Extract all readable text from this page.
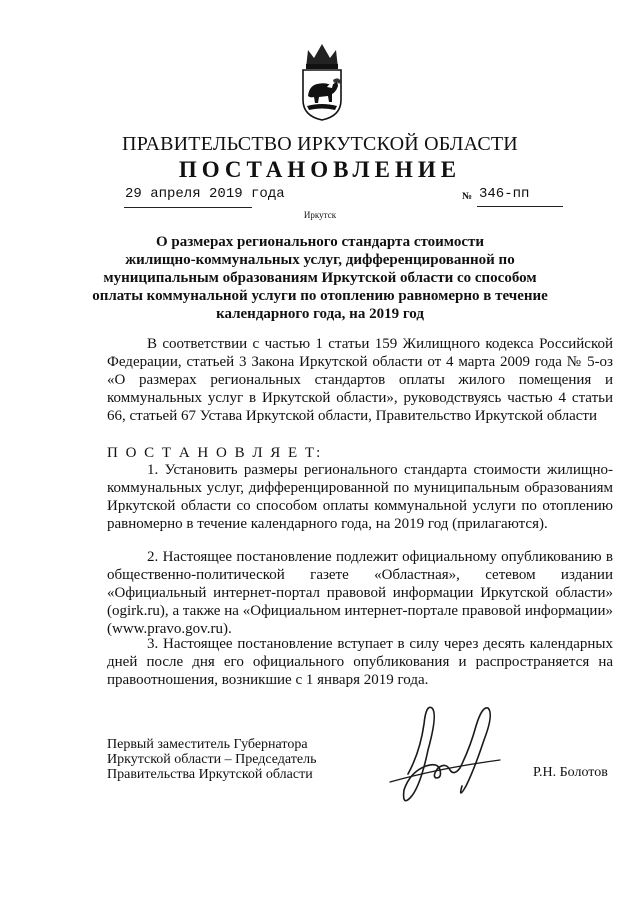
ПРАВИТЕЛЬСТВО ИРКУТСКОЙ ОБЛАСТИ
ПОСТАНОВЛЕНИЕ
29 апреля 2019 года	№ 346-пп
Иркутск
О размерах регионального стандарта стоимости
жилищно-коммунальных услуг, дифференцированной по
муниципальным образованиям Иркутской области со способом
оплаты коммунальной услуги по отоплению равномерно в течение
календарного года, на 2019 год
В соответствии с частью 1 статьи 159 Жилищного кодекса Российской Федерации, статьей 3 Закона Иркутской области от 4 марта 2009 года № 5-оз «О размерах региональных стандартов оплаты жилого помещения и коммунальных услуг в Иркутской области», руководствуясь частью 4 статьи 66, статьей 67 Устава Иркутской области, Правительство Иркутской области
П О С Т А Н О В Л Я Е Т:
1. Установить размеры регионального стандарта стоимости жилищно-коммунальных услуг, дифференцированной по муниципальным образованиям Иркутской области со способом оплаты коммунальной услуги по отоплению равномерно в течение календарного года, на 2019 год (прилагаются).
2. Настоящее постановление подлежит официальному опубликованию в общественно-политической газете «Областная», сетевом издании «Официальный интернет-портал правовой информации Иркутской области» (ogirk.ru), а также на «Официальном интернет-портале правовой информации» (www.pravo.gov.ru).
3. Настоящее постановление вступает в силу через десять календарных дней после дня его официального опубликования и распространяется на правоотношения, возникшие с 1 января 2019 года.
Первый заместитель Губернатора
Иркутской области – Председатель
Правительства Иркутской области	Р.Н. Болотов
